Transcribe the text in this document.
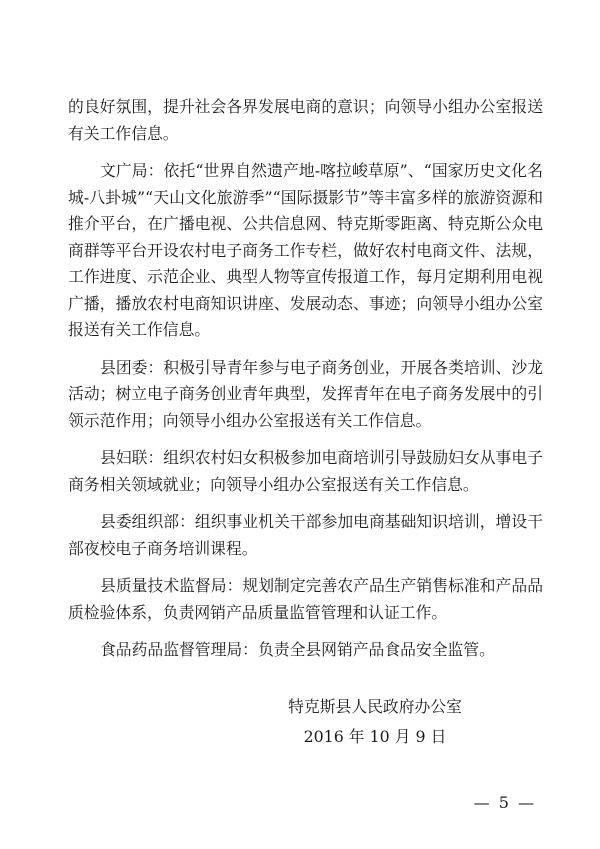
的良好氛围，提升社会各界发展电商的意识；向领导小组办公室报送有关工作信息。

文广局：依托“世界自然遗产地-喀拉峻草原”、“国家历史文化名城-八卦城”“天山文化旅游季”“国际摄影节”等丰富多样的旅游资源和推介平台，在广播电视、公共信息网、特克斯零距离、特克斯公众电商群等平台开设农村电子商务工作专栏，做好农村电商文件、法规，工作进度、示范企业、典型人物等宣传报道工作，每月定期利用电视广播，播放农村电商知识讲座、发展动态、事迹；向领导小组办公室报送有关工作信息。

县团委：积极引导青年参与电子商务创业，开展各类培训、沙龙活动；树立电子商务创业青年典型，发挥青年在电子商务发展中的引领示范作用；向领导小组办公室报送有关工作信息。

县妇联：组织农村妇女积极参加电商培训引导鼓励妇女从事电子商务相关领域就业；向领导小组办公室报送有关工作信息。

县委组织部：组织事业机关干部参加电商基础知识培训，增设干部夜校电子商务培训课程。

县质量技术监督局：规划制定完善农产品生产销售标准和产品品质检验体系，负责网销产品质量监管管理和认证工作。

食品药品监督管理局：负责全县网销产品食品安全监管。

特克斯县人民政府办公室
2016 年 10 月 9 日
— 5 —
